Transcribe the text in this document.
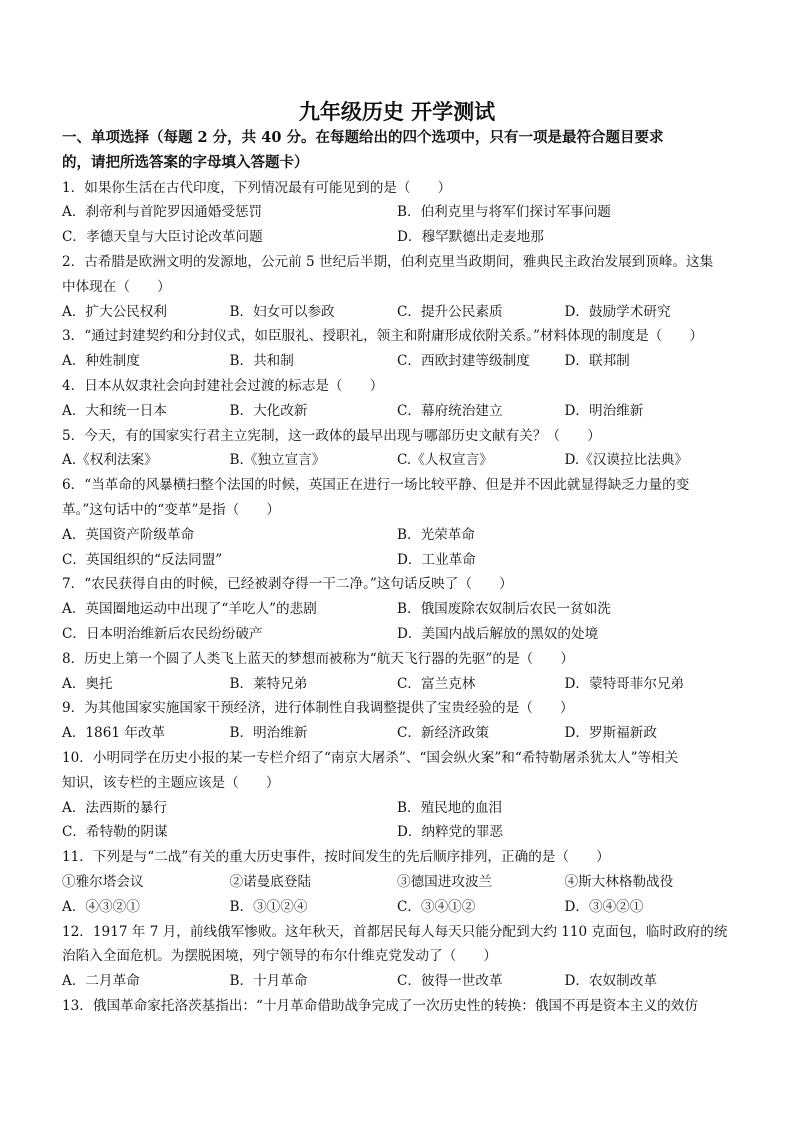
九年级历史 开学测试
一、单项选择（每题 2 分，共 40 分。在每题给出的四个选项中，只有一项是最符合题目要求
的，请把所选答案的字母填入答题卡）
1．如果你生活在古代印度，下列情况最有可能见到的是（　　）
A．刹帝利与首陀罗因通婚受惩罚	B．伯利克里与将军们探讨军事问题
C．孝德天皇与大臣讨论改革问题	D．穆罕默德出走麦地那
2．古希腊是欧洲文明的发源地，公元前 5 世纪后半期，伯利克里当政期间，雅典民主政治发展到顶峰。这集
中体现在（　　）
A．扩大公民权利	B．妇女可以参政	C．提升公民素质	D．鼓励学术研究
3．“通过封建契约和分封仪式，如臣服礼、授职礼，领主和附庸形成依附关系。”材料体现的制度是（　　）
A．种姓制度	B．共和制	C．西欧封建等级制度	D．联邦制
4．日本从奴隶社会向封建社会过渡的标志是（　　）
A．大和统一日本	B．大化改新	C．幕府统治建立	D．明治维新
5．今天，有的国家实行君主立宪制，这一政体的最早出现与哪部历史文献有关？（　　）
A.《权利法案》	B.《独立宣言》	C.《人权宣言》	D.《汉谟拉比法典》
6．“当革命的风暴横扫整个法国的时候，英国正在进行一场比较平静、但是并不因此就显得缺乏力量的变
革。”这句话中的“变革”是指（　　）
A．英国资产阶级革命	B．光荣革命
C．英国组织的“反法同盟”	D．工业革命
7．“农民获得自由的时候，已经被剥夺得一干二净。”这句话反映了（　　）
A．英国圈地运动中出现了“羊吃人”的悲剧	B．俄国废除农奴制后农民一贫如洗
C．日本明治维新后农民纷纷破产	D．美国内战后解放的黑奴的处境
8．历史上第一个圆了人类飞上蓝天的梦想而被称为“航天飞行器的先驱”的是（　　）
A．奥托	B．莱特兄弟	C．富兰克林	D．蒙特哥菲尔兄弟
9．为其他国家实施国家干预经济，进行体制性自我调整提供了宝贵经验的是（　　）
A．1861 年改革	B．明治维新	C．新经济政策	D．罗斯福新政
10．小明同学在历史小报的某一专栏介绍了“南京大屠杀”、“国会纵火案”和“希特勒屠杀犹太人”等相关
知识，该专栏的主题应该是（　　）
A．法西斯的暴行	B．殖民地的血泪
C．希特勒的阴谋	D．纳粹党的罪恶
11．下列是与“二战”有关的重大历史事件，按时间发生的先后顺序排列，正确的是（　　）
①雅尔塔会议	②诺曼底登陆	③德国进攻波兰	④斯大林格勒战役
A．④③②①	B．③①②④	C．③④①②	D．③④②①
12．1917 年 7 月，前线俄军惨败。这年秋天，首都居民每人每天只能分配到大约 110 克面包，临时政府的统
治陷入全面危机。为摆脱困境，列宁领导的布尔什维克党发动了（　　）
A．二月革命	B．十月革命	C．彼得一世改革	D．农奴制改革
13．俄国革命家托洛茨基指出：“十月革命借助战争完成了一次历史性的转换：俄国不再是资本主义的效仿
